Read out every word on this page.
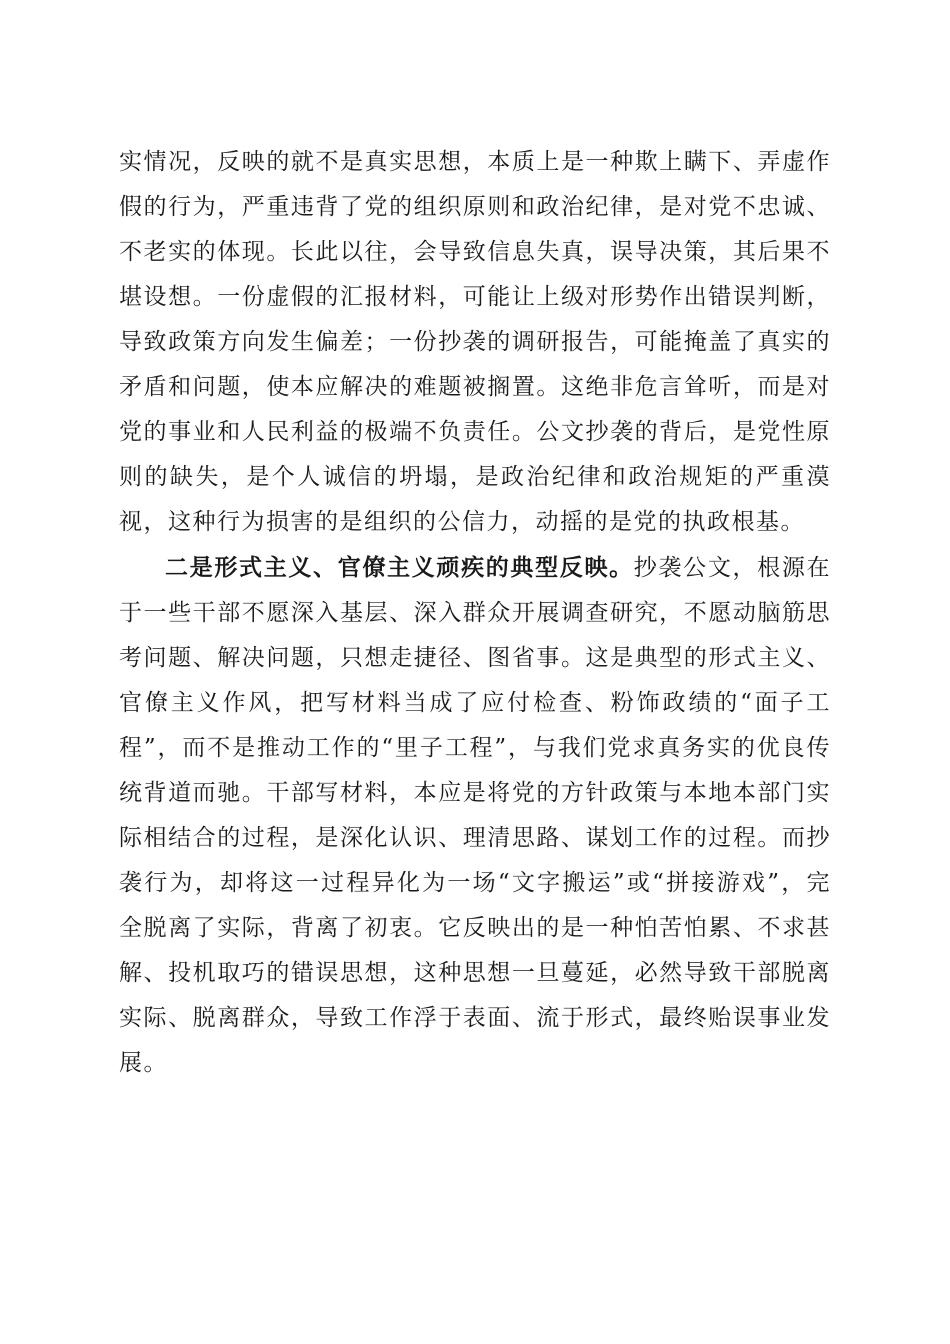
实情况，反映的就不是真实思想，本质上是一种欺上瞒下、弄虚作假的行为，严重违背了党的组织原则和政治纪律，是对党不忠诚、不老实的体现。长此以往，会导致信息失真，误导决策，其后果不堪设想。一份虚假的汇报材料，可能让上级对形势作出错误判断，导致政策方向发生偏差；一份抄袭的调研报告，可能掩盖了真实的矛盾和问题，使本应解决的难题被搁置。这绝非危言耸听，而是对党的事业和人民利益的极端不负责任。公文抄袭的背后，是党性原则的缺失，是个人诚信的坍塌，是政治纪律和政治规矩的严重漠视，这种行为损害的是组织的公信力，动摇的是党的执政根基。

二是形式主义、官僚主义顽疾的典型反映。抄袭公文，根源在于一些干部不愿深入基层、深入群众开展调查研究，不愿动脑筋思考问题、解决问题，只想走捷径、图省事。这是典型的形式主义、官僚主义作风，把写材料当成了应付检查、粉饰政绩的“面子工程”，而不是推动工作的“里子工程”，与我们党求真务实的优良传统背道而驰。干部写材料，本应是将党的方针政策与本地本部门实际相结合的过程，是深化认识、理清思路、谋划工作的过程。而抄袭行为，却将这一过程异化为一场“文字搬运”或“拼接游戏”，完全脱离了实际，背离了初衷。它反映出的是一种怕苦怕累、不求甚解、投机取巧的错误思想，这种思想一旦蔓延，必然导致干部脱离实际、脱离群众，导致工作浮于表面、流于形式，最终贻误事业发展。
